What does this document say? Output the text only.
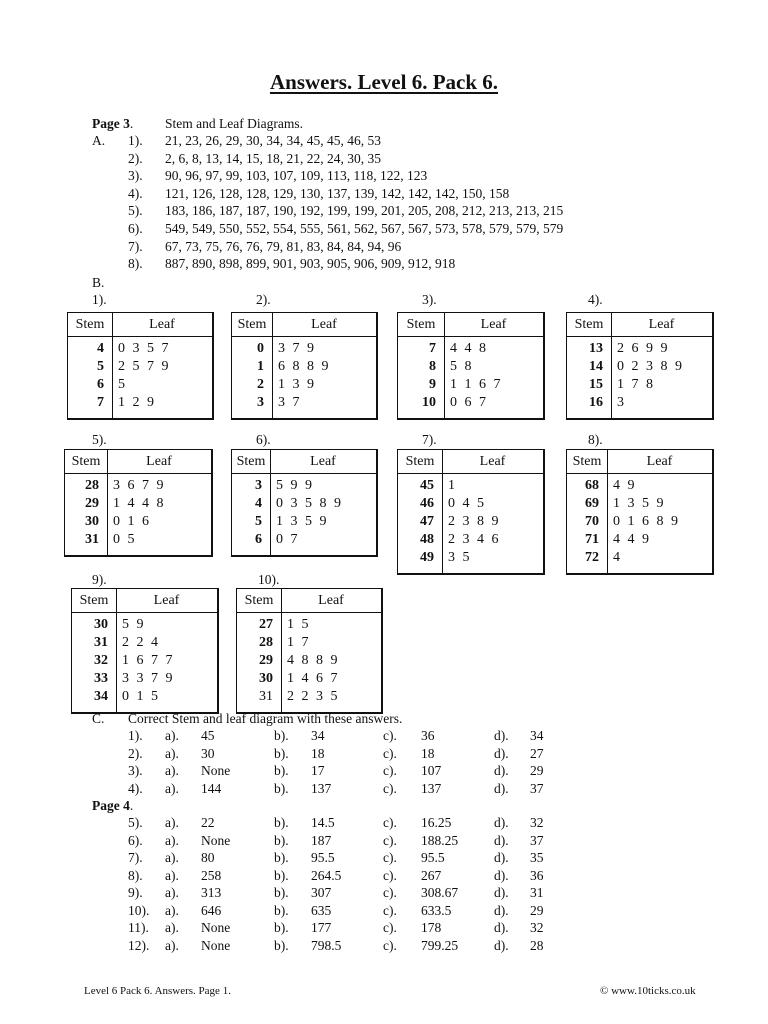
Answers. Level 6. Pack 6.
Page 3. Stem and Leaf Diagrams.
A. 1). 21, 23, 26, 29, 30, 34, 34, 45, 45, 46, 53
2). 2, 6, 8, 13, 14, 15, 18, 21, 22, 24, 30, 35
3). 90, 96, 97, 99, 103, 107, 109, 113, 118, 122, 123
4). 121, 126, 128, 128, 129, 130, 137, 139, 142, 142, 142, 150, 158
5). 183, 186, 187, 187, 190, 192, 199, 199, 201, 205, 208, 212, 213, 213, 215
6). 549, 549, 550, 552, 554, 555, 561, 562, 567, 567, 573, 578, 579, 579, 579
7). 67, 73, 75, 76, 76, 79, 81, 83, 84, 84, 94, 96
8). 887, 890, 898, 899, 901, 903, 905, 906, 909, 912, 918
B.
1).
Stem	Leaf
4 0 3 5 7
5 2 5 7 9
6 5
7 1 2 9
2).
Stem	Leaf
0 3 7 9
1 6 8 8 9
2 1 3 9
3 3 7
3).
Stem	Leaf
7 4 4 8
8 5 8
9 1 1 6 7
10 0 6 7
4).
Stem	Leaf
13 2 6 9 9
14 0 2 3 8 9
15 1 7 8
16 3
5).
Stem	Leaf
28 3 6 7 9
29 1 4 4 8
30 0 1 6
31 0 5
6).
Stem	Leaf
3 5 9 9
4 0 3 5 8 9
5 1 3 5 9
6 0 7
7).
Stem	Leaf
45 1
46 0 4 5
47 2 3 8 9
48 2 3 4 6
49 3 5
8).
Stem	Leaf
68 4 9
69 1 3 5 9
70 0 1 6 8 9
71 4 4 9
72 4
9).
Stem	Leaf
30 5 9
31 2 2 4
32 1 6 7 7
33 3 3 7 9
34 0 1 5
10).
Stem	Leaf
27 1 5
28 1 7
29 4 8 8 9
30 1 4 6 7
31 2 2 3 5
C. Correct Stem and leaf diagram with these answers.
1). a). 45	b). 34	c). 36	d). 34
2). a). 30	b). 18	c). 18	d). 27
3). a). None	b). 17	c). 107	d). 29
4). a). 144	b). 137	c). 137	d). 37
5). a). 22	b). 14.5	c). 16.25	d). 32
6). a). None	b). 187	c). 188.25	d). 37
7). a). 80	b). 95.5	c). 95.5	d). 35
8). a). 258	b). 264.5	c). 267	d). 36
9). a). 313	b). 307	c). 308.67	d). 31
10). a). 646	b). 635	c). 633.5	d). 29
11). a). None	b). 177	c). 178	d). 32
12). a). None	b). 798.5	c). 799.25	d). 28
Page 4.
Level 6 Pack 6. Answers. Page 1.	© www.10ticks.co.uk
